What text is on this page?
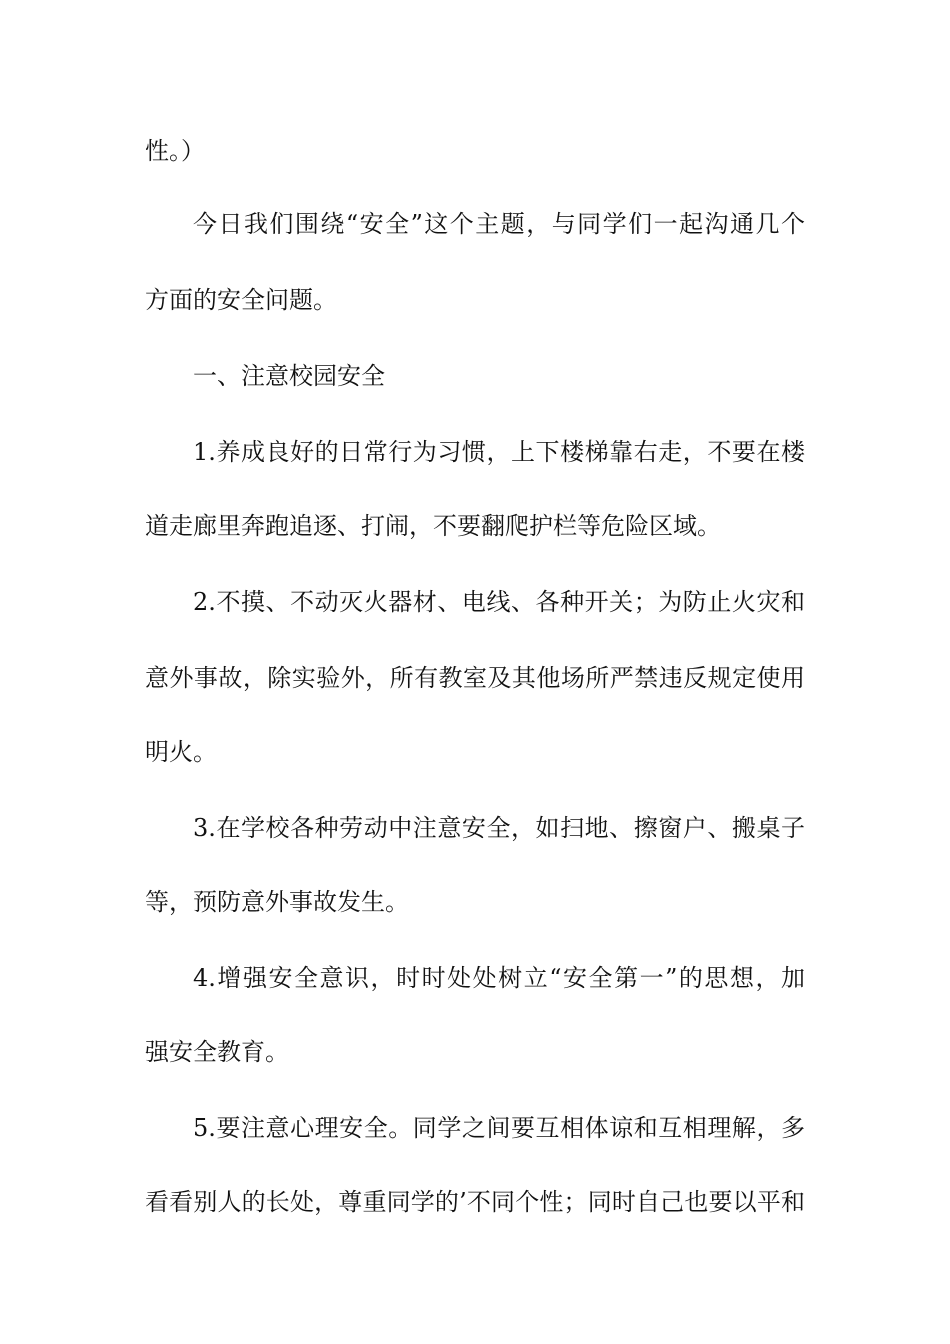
性。）
今日我们围绕“安全”这个主题，与同学们一起沟通几个
方面的安全问题。
一、注意校园安全
1.养成良好的日常行为习惯，上下楼梯靠右走，不要在楼
道走廊里奔跑追逐、打闹，不要翻爬护栏等危险区域。
2.不摸、不动灭火器材、电线、各种开关；为防止火灾和
意外事故，除实验外，所有教室及其他场所严禁违反规定使用
明火。
3.在学校各种劳动中注意安全，如扫地、擦窗户、搬桌子
等，预防意外事故发生。
4.增强安全意识，时时处处树立“安全第一”的思想，加
强安全教育。
5.要注意心理安全。同学之间要互相体谅和互相理解，多
看看别人的长处，尊重同学的’不同个性；同时自己也要以平和
